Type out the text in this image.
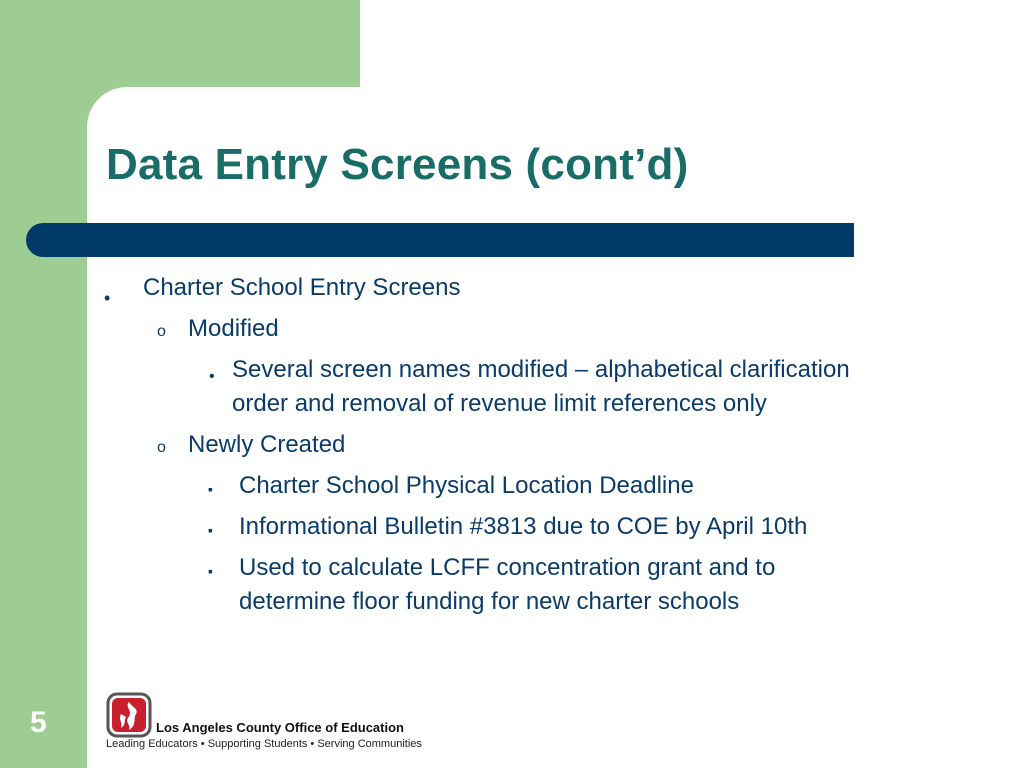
Data Entry Screens (cont’d)
• Charter School Entry Screens
o Modified
• Several screen names modified – alphabetical clarification
order and removal of revenue limit references only
o Newly Created
▪ Charter School Physical Location Deadline
▪ Informational Bulletin #3813 due to COE by April 10th
▪ Used to calculate LCFF concentration grant and to
determine floor funding for new charter schools
5	Los Angeles County Office of Education
Leading Educators • Supporting Students • Serving Communities
